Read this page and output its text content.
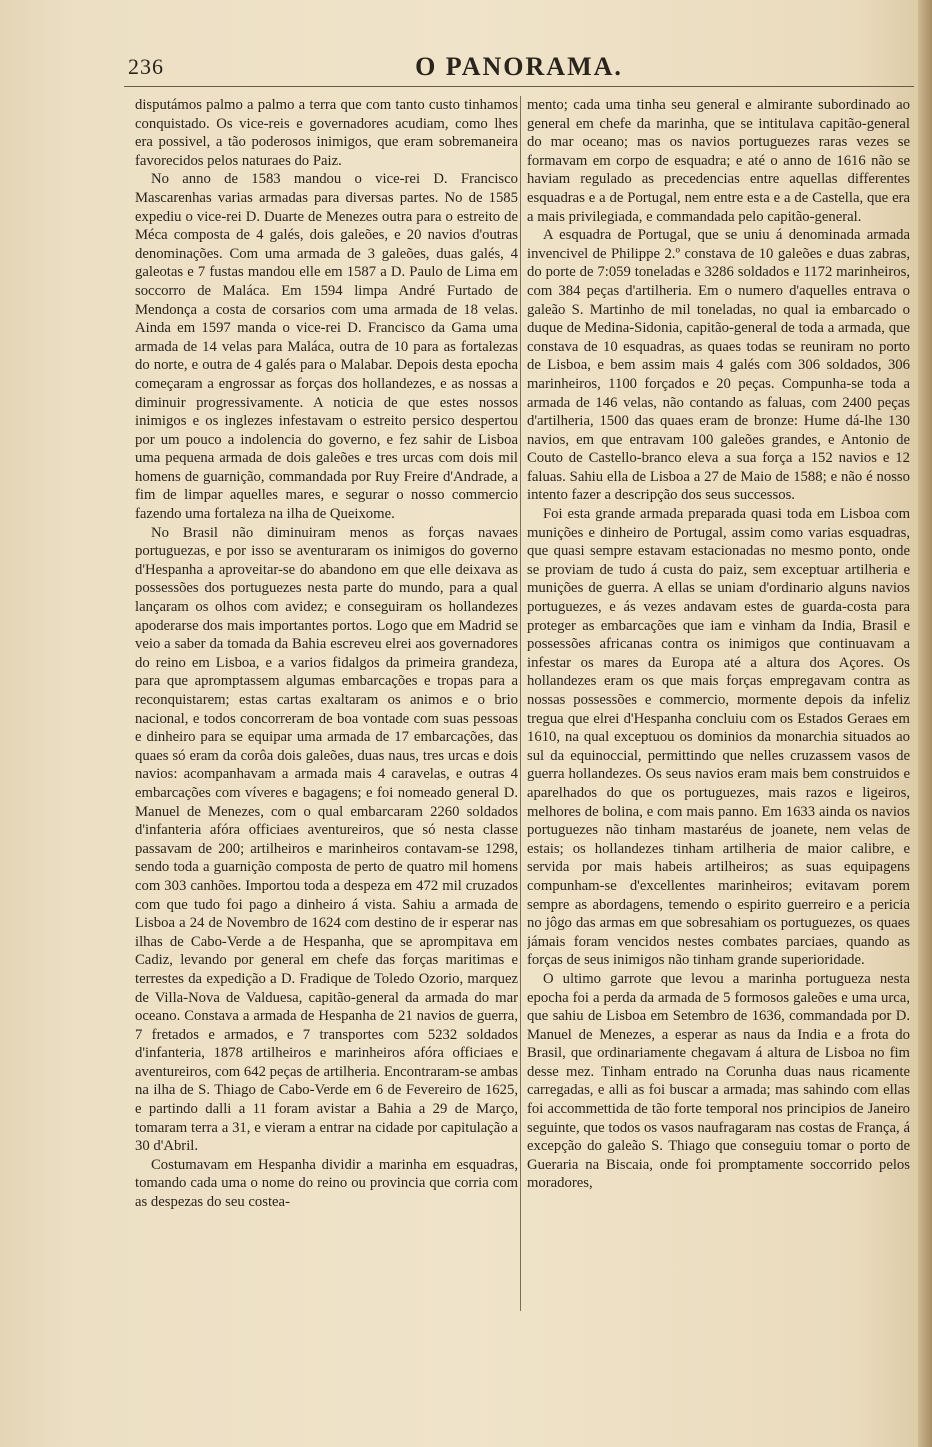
236	O PANORAMA.

disputámos palmo a palmo a terra que com tanto custo tinhamos conquistado. Os vice-reis e governadores acudiam, como lhes era possivel, a tão poderosos inimigos, que eram sobremaneira favorecidos pelos naturaes do Paiz.

No anno de 1583 mandou o vice-rei D. Francisco Mascarenhas varias armadas para diversas partes. No de 1585 expediu o vice-rei D. Duarte de Menezes outra para o estreito de Méca composta de 4 galés, dois galeões, e 20 navios d'outras denominações. Com uma armada de 3 galeões, duas galés, 4 galeotas e 7 fustas mandou elle em 1587 a D. Paulo de Lima em soccorro de Maláca. Em 1594 limpa André Furtado de Mendonça a costa de corsarios com uma armada de 18 velas. Ainda em 1597 manda o vice-rei D. Francisco da Gama uma armada de 14 velas para Maláca, outra de 10 para as fortalezas do norte, e outra de 4 galés para o Malabar. Depois desta epocha começaram a engrossar as forças dos hollandezes, e as nossas a diminuir progressivamente. A noticia de que estes nossos inimigos e os inglezes infestavam o estreito persico despertou por um pouco a indolencia do governo, e fez sahir de Lisboa uma pequena armada de dois galeões e tres urcas com dois mil homens de guarnição, commandada por Ruy Freire d'Andrade, a fim de limpar aquelles mares, e segurar o nosso commercio fazendo uma fortaleza na ilha de Queixome.

No Brasil não diminuiram menos as forças navaes portuguezas, e por isso se aventuraram os inimigos do governo d'Hespanha a aproveitar-se do abandono em que elle deixava as possessões dos portuguezes nesta parte do mundo, para a qual lançaram os olhos com avidez; e conseguiram os hollandezes apoderarse dos mais importantes portos. Logo que em Madrid se veio a saber da tomada da Bahia escreveu elrei aos governadores do reino em Lisboa, e a varios fidalgos da primeira grandeza, para que apromptassem algumas embarcações e tropas para a reconquistarem; estas cartas exaltaram os animos e o brio nacional, e todos concorreram de boa vontade com suas pessoas e dinheiro para se equipar uma armada de 17 embarcações, das quaes só eram da corôa dois galeões, duas naus, tres urcas e dois navios: acompanhavam a armada mais 4 caravelas, e outras 4 embarcações com víveres e bagagens; e foi nomeado general D. Manuel de Menezes, com o qual embarcaram 2260 soldados d'infanteria afóra officiaes aventureiros, que só nesta classe passavam de 200; artilheiros e marinheiros contavam-se 1298, sendo toda a guarnição composta de perto de quatro mil homens com 303 canhões. Importou toda a despeza em 472 mil cruzados com que tudo foi pago a dinheiro á vista. Sahiu a armada de Lisboa a 24 de Novembro de 1624 com destino de ir esperar nas ilhas de Cabo-Verde a de Hespanha, que se aprompitava em Cadiz, levando por general em chefe das forças maritimas e terrestes da expedição a D. Fradique de Toledo Ozorio, marquez de Villa-Nova de Valduesa, capitão-general da armada do mar oceano. Constava a armada de Hespanha de 21 navios de guerra, 7 fretados e armados, e 7 transportes com 5232 soldados d'infanteria, 1878 artilheiros e marinheiros afóra officiaes e aventureiros, com 642 peças de artilheria. Encontraram-se ambas na ilha de S. Thiago de Cabo-Verde em 6 de Fevereiro de 1625, e partindo dalli a 11 foram avistar a Bahia a 29 de Março, tomaram terra a 31, e vieram a entrar na cidade por capitulação a 30 d'Abril.

Costumavam em Hespanha dividir a marinha em esquadras, tomando cada uma o nome do reino ou provincia que corria com as despezas do seu costea-

mento; cada uma tinha seu general e almirante subordinado ao general em chefe da marinha, que se intitulava capitão-general do mar oceano; mas os navios portuguezes raras vezes se formavam em corpo de esquadra; e até o anno de 1616 não se haviam regulado as precedencias entre aquellas differentes esquadras e a de Portugal, nem entre esta e a de Castella, que era a mais privilegiada, e commandada pelo capitão-general.

A esquadra de Portugal, que se uniu á denominada armada invencivel de Philippe 2.º constava de 10 galeões e duas zabras, do porte de 7:059 toneladas e 3286 soldados e 1172 marinheiros, com 384 peças d'artilheria. Em o numero d'aquelles entrava o galeão S. Martinho de mil toneladas, no qual ia embarcado o duque de Medina-Sidonia, capitão-general de toda a armada, que constava de 10 esquadras, as quaes todas se reuniram no porto de Lisboa, e bem assim mais 4 galés com 306 soldados, 306 marinheiros, 1100 forçados e 20 peças. Compunha-se toda a armada de 146 velas, não contando as faluas, com 2400 peças d'artilheria, 1500 das quaes eram de bronze: Hume dá-lhe 130 navios, em que entravam 100 galeões grandes, e Antonio de Couto de Castello-branco eleva a sua força a 152 navios e 12 faluas. Sahiu ella de Lisboa a 27 de Maio de 1588; e não é nosso intento fazer a descripção dos seus successos.

Foi esta grande armada preparada quasi toda em Lisboa com munições e dinheiro de Portugal, assim como varias esquadras, que quasi sempre estavam estacionadas no mesmo ponto, onde se proviam de tudo á custa do paiz, sem exceptuar artilheria e munições de guerra. A ellas se uniam d'ordinario alguns navios portuguezes, e ás vezes andavam estes de guarda-costa para proteger as embarcações que iam e vinham da India, Brasil e possessões africanas contra os inimigos que continuavam a infestar os mares da Europa até a altura dos Açores. Os hollandezes eram os que mais forças empregavam contra as nossas possessões e commercio, mormente depois da infeliz tregua que elrei d'Hespanha concluiu com os Estados Geraes em 1610, na qual exceptuou os dominios da monarchia situados ao sul da equinoccial, permittindo que nelles cruzassem vasos de guerra hollandezes. Os seus navios eram mais bem construidos e aparelhados do que os portuguezes, mais razos e ligeiros, melhores de bolina, e com mais panno. Em 1633 ainda os navios portuguezes não tinham mastaréus de joanete, nem velas de estais; os hollandezes tinham artilheria de maior calibre, e servida por mais habeis artilheiros; as suas equipagens compunham-se d'excellentes marinheiros; evitavam porem sempre as abordagens, temendo o espirito guerreiro e a pericia no jôgo das armas em que sobresahiam os portuguezes, os quaes jámais foram vencidos nestes combates parciaes, quando as forças de seus inimigos não tinham grande superioridade.

O ultimo garrote que levou a marinha portugueza nesta epocha foi a perda da armada de 5 formosos galeões e uma urca, que sahiu de Lisboa em Setembro de 1636, commandada por D. Manuel de Menezes, a esperar as naus da India e a frota do Brasil, que ordinariamente chegavam á altura de Lisboa no fim desse mez. Tinham entrado na Corunha duas naus ricamente carregadas, e alli as foi buscar a armada; mas sahindo com ellas foi accommettida de tão forte temporal nos principios de Janeiro seguinte, que todos os vasos naufragaram nas costas de França, á excepção do galeão S. Thiago que conseguiu tomar o porto de Gueraria na Biscaia, onde foi promptamente soccorrido pelos moradores,
